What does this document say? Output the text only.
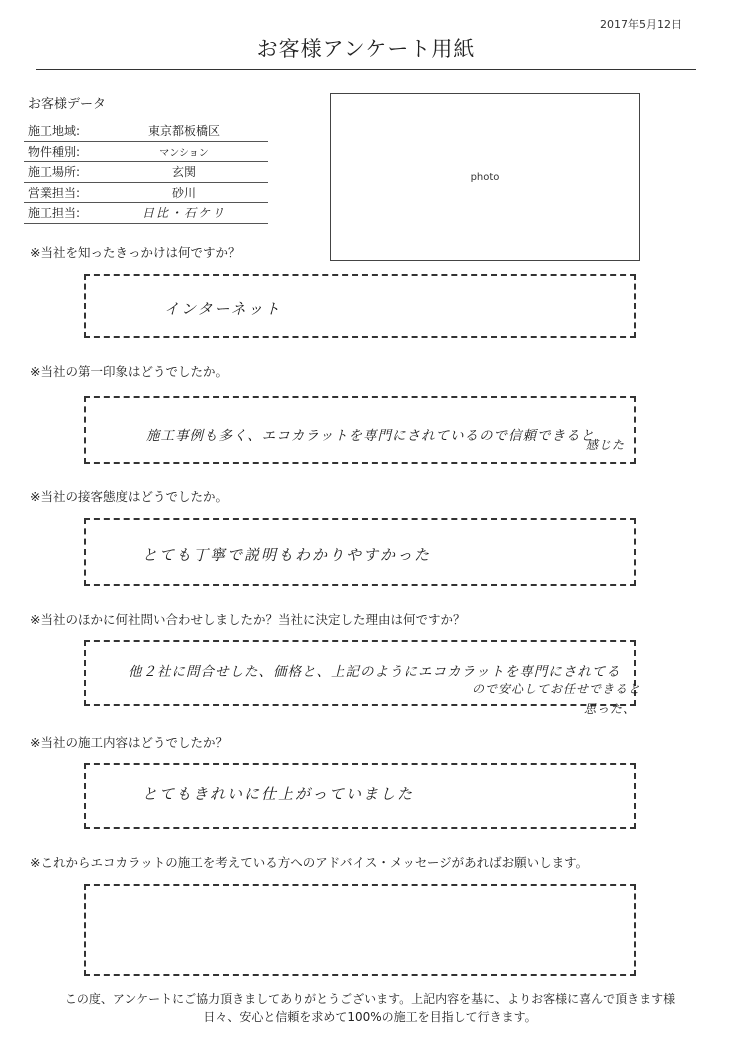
2017年5月12日
お客様アンケート用紙
お客様データ
施工地域:	東京都板橋区
物件種別:	マンション
施工場所:	玄関
営業担当:	砂川
施工担当:	日比・石ケリ
photo
※当社を知ったきっかけは何ですか？
インターネット
※当社の第一印象はどうでしたか。
施工事例も多く、エコカラットを専門にされているので信頼できると
感じた
※当社の接客態度はどうでしたか。
とても丁寧で説明もわかりやすかった
※当社のほかに何社問い合わせしましたか？当社に決定した理由は何ですか？
他２社に問合せした、価格と、上記のようにエコカラットを専門にされてる
ので安心してお任せできると
思った、
※当社の施工内容はどうでしたか？
とてもきれいに仕上がっていました
※これからエコカラットの施工を考えている方へのアドバイス・メッセージがあればお願いします。
この度、アンケートにご協力頂きましてありがとうございます。上記内容を基に、よりお客様に喜んで頂きます様
日々、安心と信頼を求めて100%の施工を目指して行きます。
